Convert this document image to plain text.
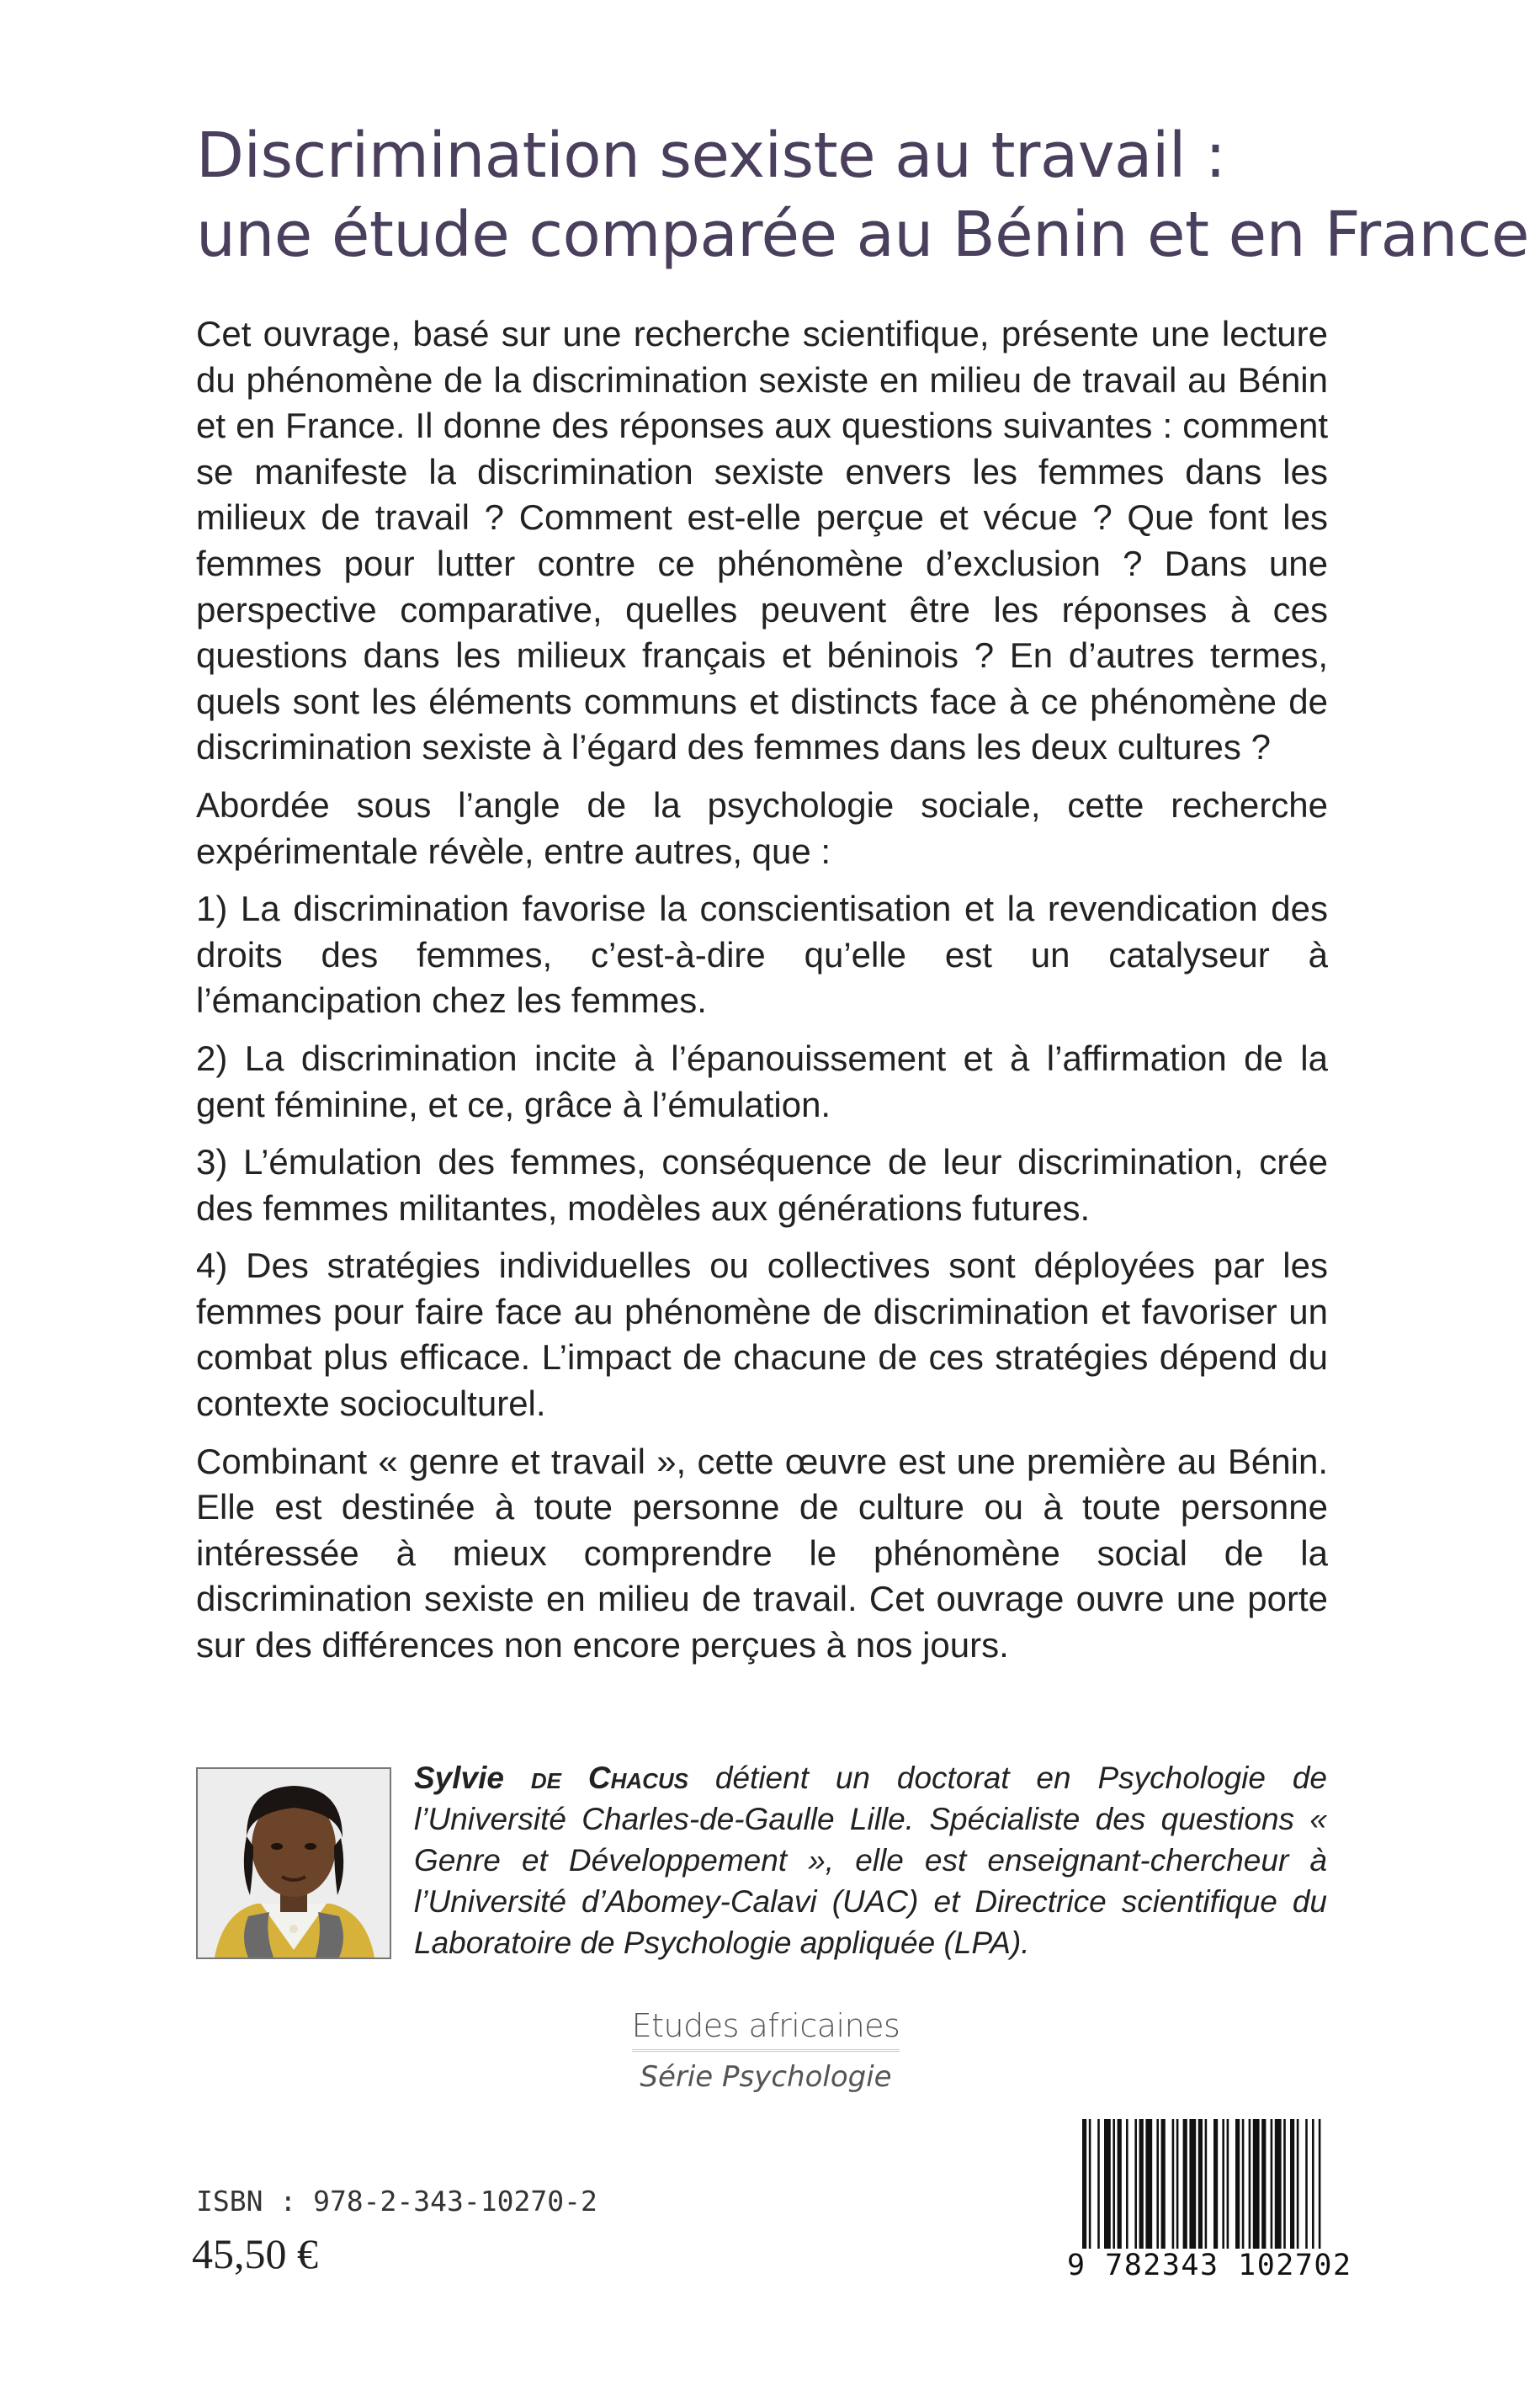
Discrimination sexiste au travail :
une étude comparée au Bénin et en France

Cet ouvrage, basé sur une recherche scientifique, présente une lecture du phénomène de la discrimination sexiste en milieu de travail au Bénin et en France. Il donne des réponses aux questions suivantes : comment se manifeste la discrimination sexiste envers les femmes dans les milieux de travail ? Comment est-elle perçue et vécue ? Que font les femmes pour lutter contre ce phénomène d’exclusion ? Dans une perspective comparative, quelles peuvent être les réponses à ces questions dans les milieux français et béninois ? En d’autres termes, quels sont les éléments communs et distincts face à ce phénomène de discrimination sexiste à l’égard des femmes dans les deux cultures ?

Abordée sous l’angle de la psychologie sociale, cette recherche expérimentale révèle, entre autres, que :

1) La discrimination favorise la conscientisation et la revendication des droits des femmes, c’est-à-dire qu’elle est un catalyseur à l’émancipation chez les femmes.

2) La discrimination incite à l’épanouissement et à l’affirmation de la gent féminine, et ce, grâce à l’émulation.

3) L’émulation des femmes, conséquence de leur discrimination, crée des femmes militantes, modèles aux générations futures.

4) Des stratégies individuelles ou collectives sont déployées par les femmes pour faire face au phénomène de discrimination et favoriser un combat plus efficace. L’impact de chacune de ces stratégies dépend du contexte socioculturel.

Combinant « genre et travail », cette œuvre est une première au Bénin. Elle est destinée à toute personne de culture ou à toute personne intéressée à mieux comprendre le phénomène social de la discrimination sexiste en milieu de travail. Cet ouvrage ouvre une porte sur des différences non encore perçues à nos jours.

Sylvie de Chacus détient un doctorat en Psychologie de l’Université Charles-de-Gaulle Lille. Spécialiste des questions « Genre et Développement », elle est enseignant-chercheur à l’Université d’Abomey-Calavi (UAC) et Directrice scientifique du Laboratoire de Psychologie appliquée (LPA).

Etudes africaines
Série Psychologie

ISBN : 978-2-343-10270-2

45,50 €	9 782343 102702
